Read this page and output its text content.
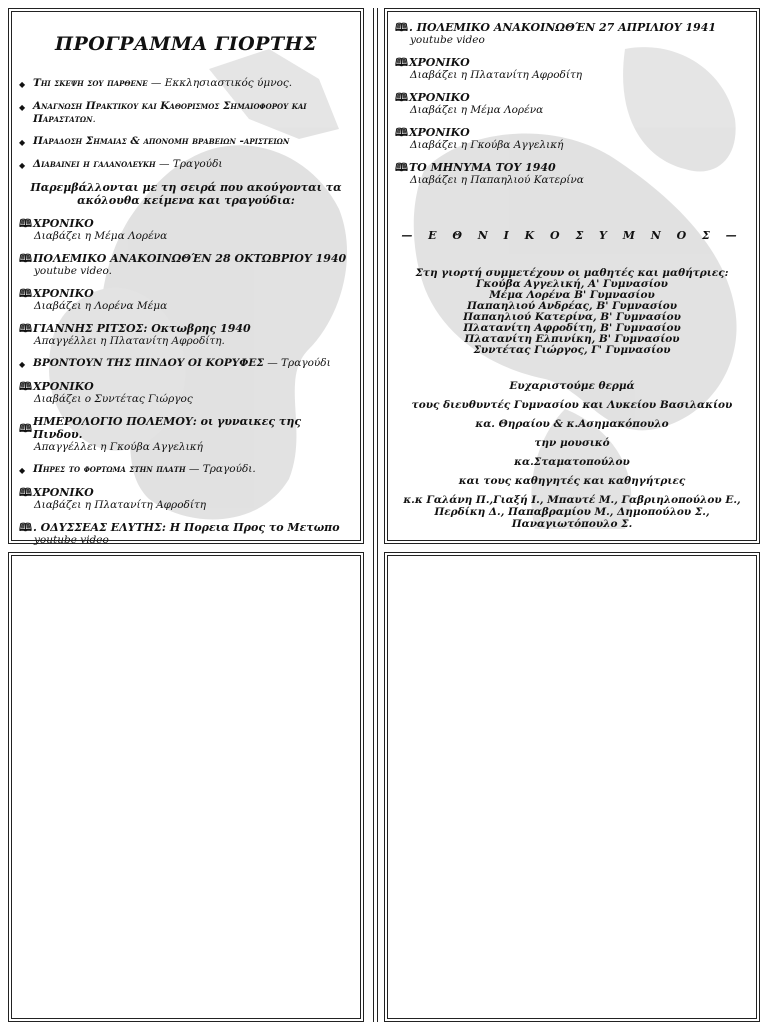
ΠΡΟΓΡΑΜΜΑ ΓΙΟΡΤΗΣ
◆ Τηι σκεψη σου παρθενε — Εκκλησιαστικός ύμνος.
◆ Αναγνωση Πρακτικου και Καθορισμος Σημαιοφορου και Παραστατων.
◆ Παραδοση Σημαιας & απονομη βραβειων -αριστειων
◆ Διαβαινει η γαλανολευκη — Τραγούδι
Παρεμβάλλονται με τη σειρά που ακούγονται τα ακόλουθα κείμενα και τραγούδια:
🕮 ΧΡΟΝΙΚΟ
Διαβάζει η Μέμα Λορένα
🕮 ΠΟΛΕΜΙΚΟ ΑΝΑΚΟΙΝΩΘΈΝ 28 ΟΚΤΩΒΡΙΟΥ 1940
youtube video.
🕮 ΧΡΟΝΙΚΟ
Διαβάζει η Λορένα Μέμα
🕮 ΓΙΑΝΝΗΣ ΡΙΤΣΟΣ: Οκτωβρης 1940
Απαγγέλλει η Πλατανίτη Αφροδίτη.
◆ ΒΡΟΝΤΟΥΝ ΤΗΣ ΠΙΝΔΟΥ ΟΙ ΚΟΡΥΦΕΣ — Τραγούδι
🕮 ΧΡΟΝΙΚΟ
Διαβάζει ο Συντέτας Γιώργος
🕮 ΗΜΕΡΟΛΟΓΙΟ ΠΟΛΕΜΟΥ: οι γυναικες της Πινδου.
Απαγγέλλει η Γκούβα Αγγελική
◆ Πηρες το φορτωμα στην πλατη — Τραγούδι.
🕮 ΧΡΟΝΙΚΟ
Διαβάζει η Πλατανίτη Αφροδίτη
🕮 . ΟΔΥΣΣΕΑΣ ΕΛΥΤΗΣ: Η Πορεια Προς το Μετωπο
youtube video
🕮 . ΠΟΛΕΜΙΚΟ ΑΝΑΚΟΙΝΩΘΈΝ 27 ΑΠΡΙΛΙΟΥ 1941
youtube video
🕮 ΧΡΟΝΙΚΟ
Διαβάζει η Πλατανίτη Αφροδίτη
🕮 ΧΡΟΝΙΚΟ
Διαβάζει η Μέμα Λορένα
🕮 ΧΡΟΝΙΚΟ
Διαβάζει η Γκούβα Αγγελική
🕮 ΤΟ ΜΗΝΥΜΑ ΤΟΥ 1940
Διαβάζει η Παπαηλιού Κατερίνα
— Ε Θ Ν Ι Κ Ο Σ Υ Μ Ν Ο Σ —
Στη γιορτή συμμετέχουν οι μαθητές και μαθήτριες:
Γκούβα Αγγελική, Α' Γυμνασίου
Μέμα Λορένα Β' Γυμνασίου
Παπαηλιού Ανδρέας, Β' Γυμνασίου
Παπαηλιού Κατερίνα, Β' Γυμνασίου
Πλατανίτη Αφροδίτη, Β' Γυμνασίου
Πλατανίτη Ελπινίκη, Β' Γυμνασίου
Συντέτας Γιώργος, Γ' Γυμνασίου

Ευχαριστούμε θερμά

τους διευθυντές Γυμνασίου και Λυκείου Βασιλακίου

κα. Θηραίου & κ.Ασημακόπουλο

την μουσικό

κα.Σταματοπούλου

και τους καθηγητές και καθηγήτριες

κ.κ Γαλάνη Π.,Γιαξή Ι., Μπαυτέ Μ., Γαβριηλοπούλου Ε., Περδίκη Δ., Παπαβραμίου Μ., Δημοπούλου Σ., Παναγιωτόπουλο Σ.
